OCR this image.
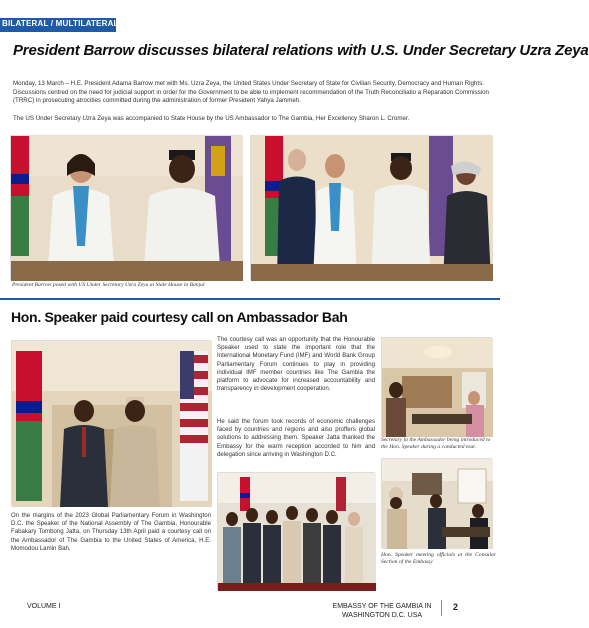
BILATERAL / MULTILATERAL
President Barrow discusses bilateral relations with U.S. Under Secretary Uzra Zeya
Monday, 13 March – H.E. President Adama Barrow met with Ms. Uzra Zeya, the United States Under Secretary of State for Civilian Security, Democracy and Human Rights. Discussions centred on the need for judicial support in order for the Government to be able to implement recommendation of the Truth Reconciliatio a Reparation Commission (TRRC) in prosecuting atrocities committed during the administration of former President Yahya Jammeh.
The US Under Secretary Uzra Zeya was accompanied to State House by the US Ambassador to The Gambia, Her Excellency Sharon L. Cromer.
President Barrow posed with US Under Secretary Uzra Zeya at State House in Banjul
Hon. Speaker paid courtesy call on Ambassador Bah
On the margins of the 2023 Global Parliamentary Forum in Washington D.C. the Speaker of the National Assembly of The Gambia, Honourable Fabakary Tombong Jatta, on Thursday 13th April paid a courtesy call on the Ambassador of The Gambia to the United States of America, H.E. Momodou Lamin Bah.
The courtesy call was an opportunity that the Honourable Speaker used to state the important role that the International Monetary Fund (IMF) and World Bank Group Parliamentary Forum continues to play in providing individual IMF member countries like The Gambia the platform to advocate for increased accountability and transparency in development cooperation.
He said the forum took records of economic challenges faced by countries and regions and also proffers global solutions to addressing them. Speaker Jatta thanked the Embassy for the warm reception accorded to him and delegation since arriving in Washington D.C.
Secretary to the Ambassador being introduced to the Hon. Speaker during a conducted tour.
Hon. Speaker meeting officials at the Consular Section of the Embassy
VOLUME I	EMBASSY OF THE GAMBIA IN
WASHINGTON D.C. USA
2
